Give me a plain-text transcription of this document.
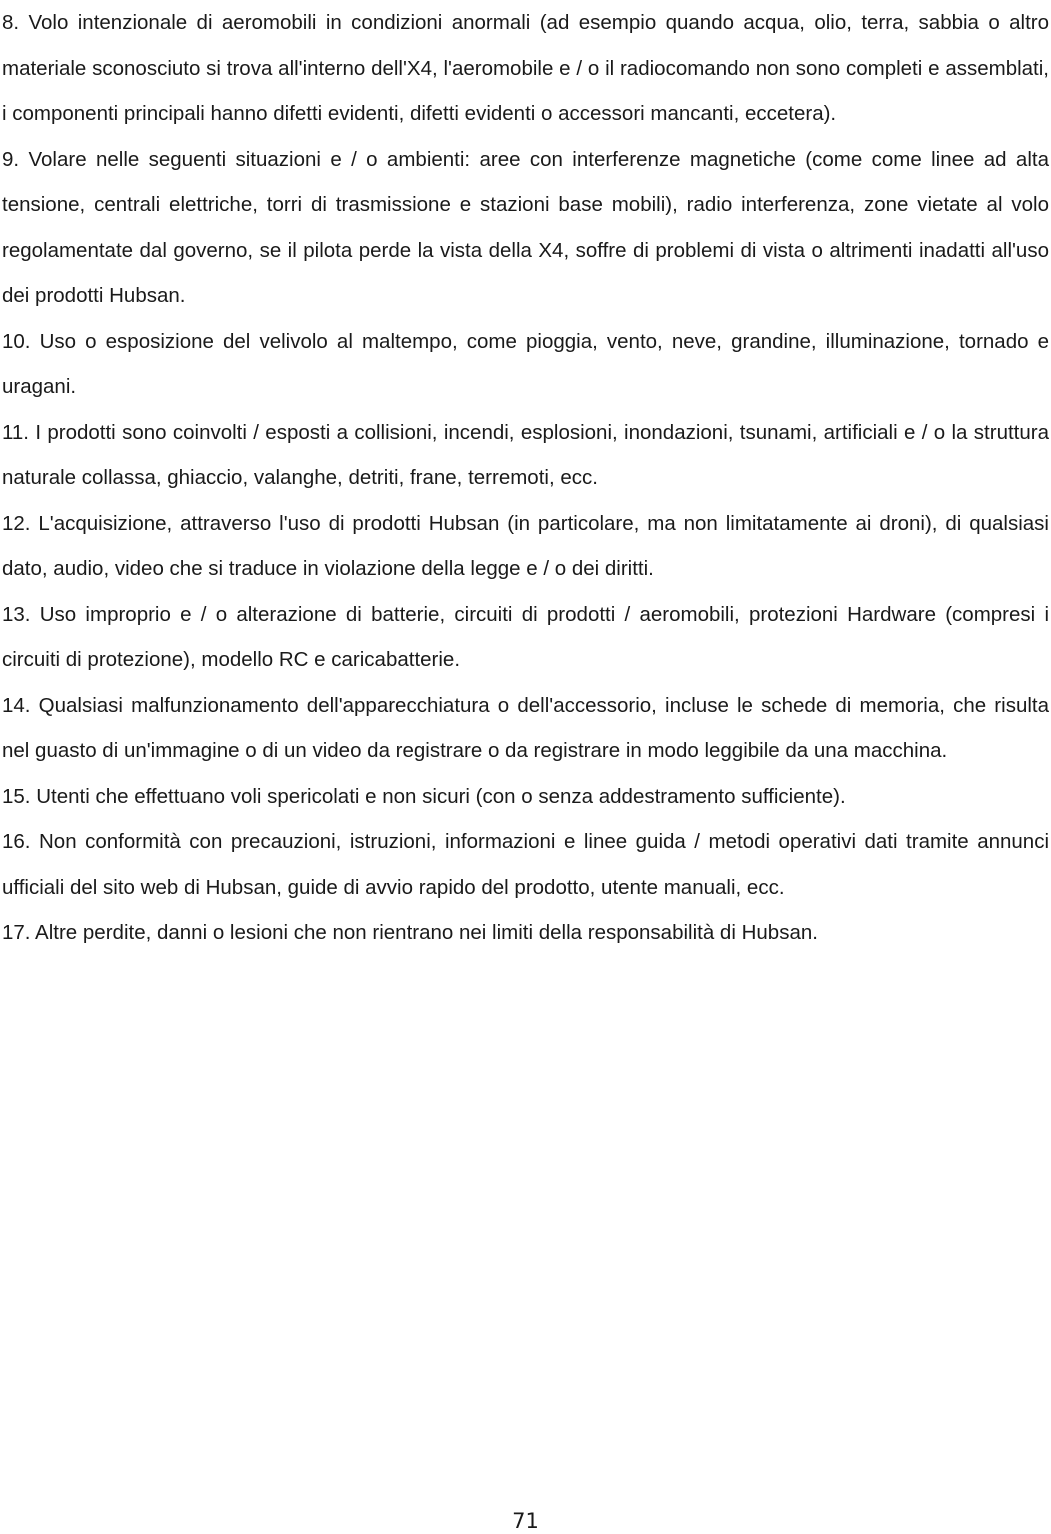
8. Volo intenzionale di aeromobili in condizioni anormali (ad esempio quando acqua, olio, terra, sabbia o altro materiale sconosciuto si trova all'interno dell'X4, l'aeromobile e / o il radiocomando non sono completi e assemblati, i componenti principali hanno difetti evidenti, difetti evidenti o accessori mancanti, eccetera).

9. Volare nelle seguenti situazioni e / o ambienti: aree con interferenze magnetiche (come come linee ad alta tensione, centrali elettriche, torri di trasmissione e stazioni base mobili), radio interferenza, zone vietate al volo regolamentate dal governo, se il pilota perde la vista della X4, soffre di problemi di vista o altrimenti inadatti all'uso dei prodotti Hubsan.

10. Uso o esposizione del velivolo al maltempo, come pioggia, vento, neve, grandine, illuminazione, tornado e uragani.

11. I prodotti sono coinvolti / esposti a collisioni, incendi, esplosioni, inondazioni, tsunami, artificiali e / o la struttura naturale collassa, ghiaccio, valanghe, detriti, frane, terremoti, ecc.

12. L'acquisizione, attraverso l'uso di prodotti Hubsan (in particolare, ma non limitatamente ai droni), di qualsiasi dato, audio, video che si traduce in violazione della legge e / o dei diritti.

13. Uso improprio e / o alterazione di batterie, circuiti di prodotti / aeromobili, protezioni Hardware (compresi i circuiti di protezione), modello RC e caricabatterie.

14. Qualsiasi malfunzionamento dell'apparecchiatura o dell'accessorio, incluse le schede di memoria, che risulta nel guasto di un'immagine o di un video da registrare o da registrare in modo leggibile da una macchina.

15. Utenti che effettuano voli spericolati e non sicuri (con o senza addestramento sufficiente).

16. Non conformità con precauzioni, istruzioni, informazioni e linee guida / metodi operativi dati tramite annunci ufficiali del sito web di Hubsan, guide di avvio rapido del prodotto, utente manuali, ecc.

17. Altre perdite, danni o lesioni che non rientrano nei limiti della responsabilità di Hubsan.

71
